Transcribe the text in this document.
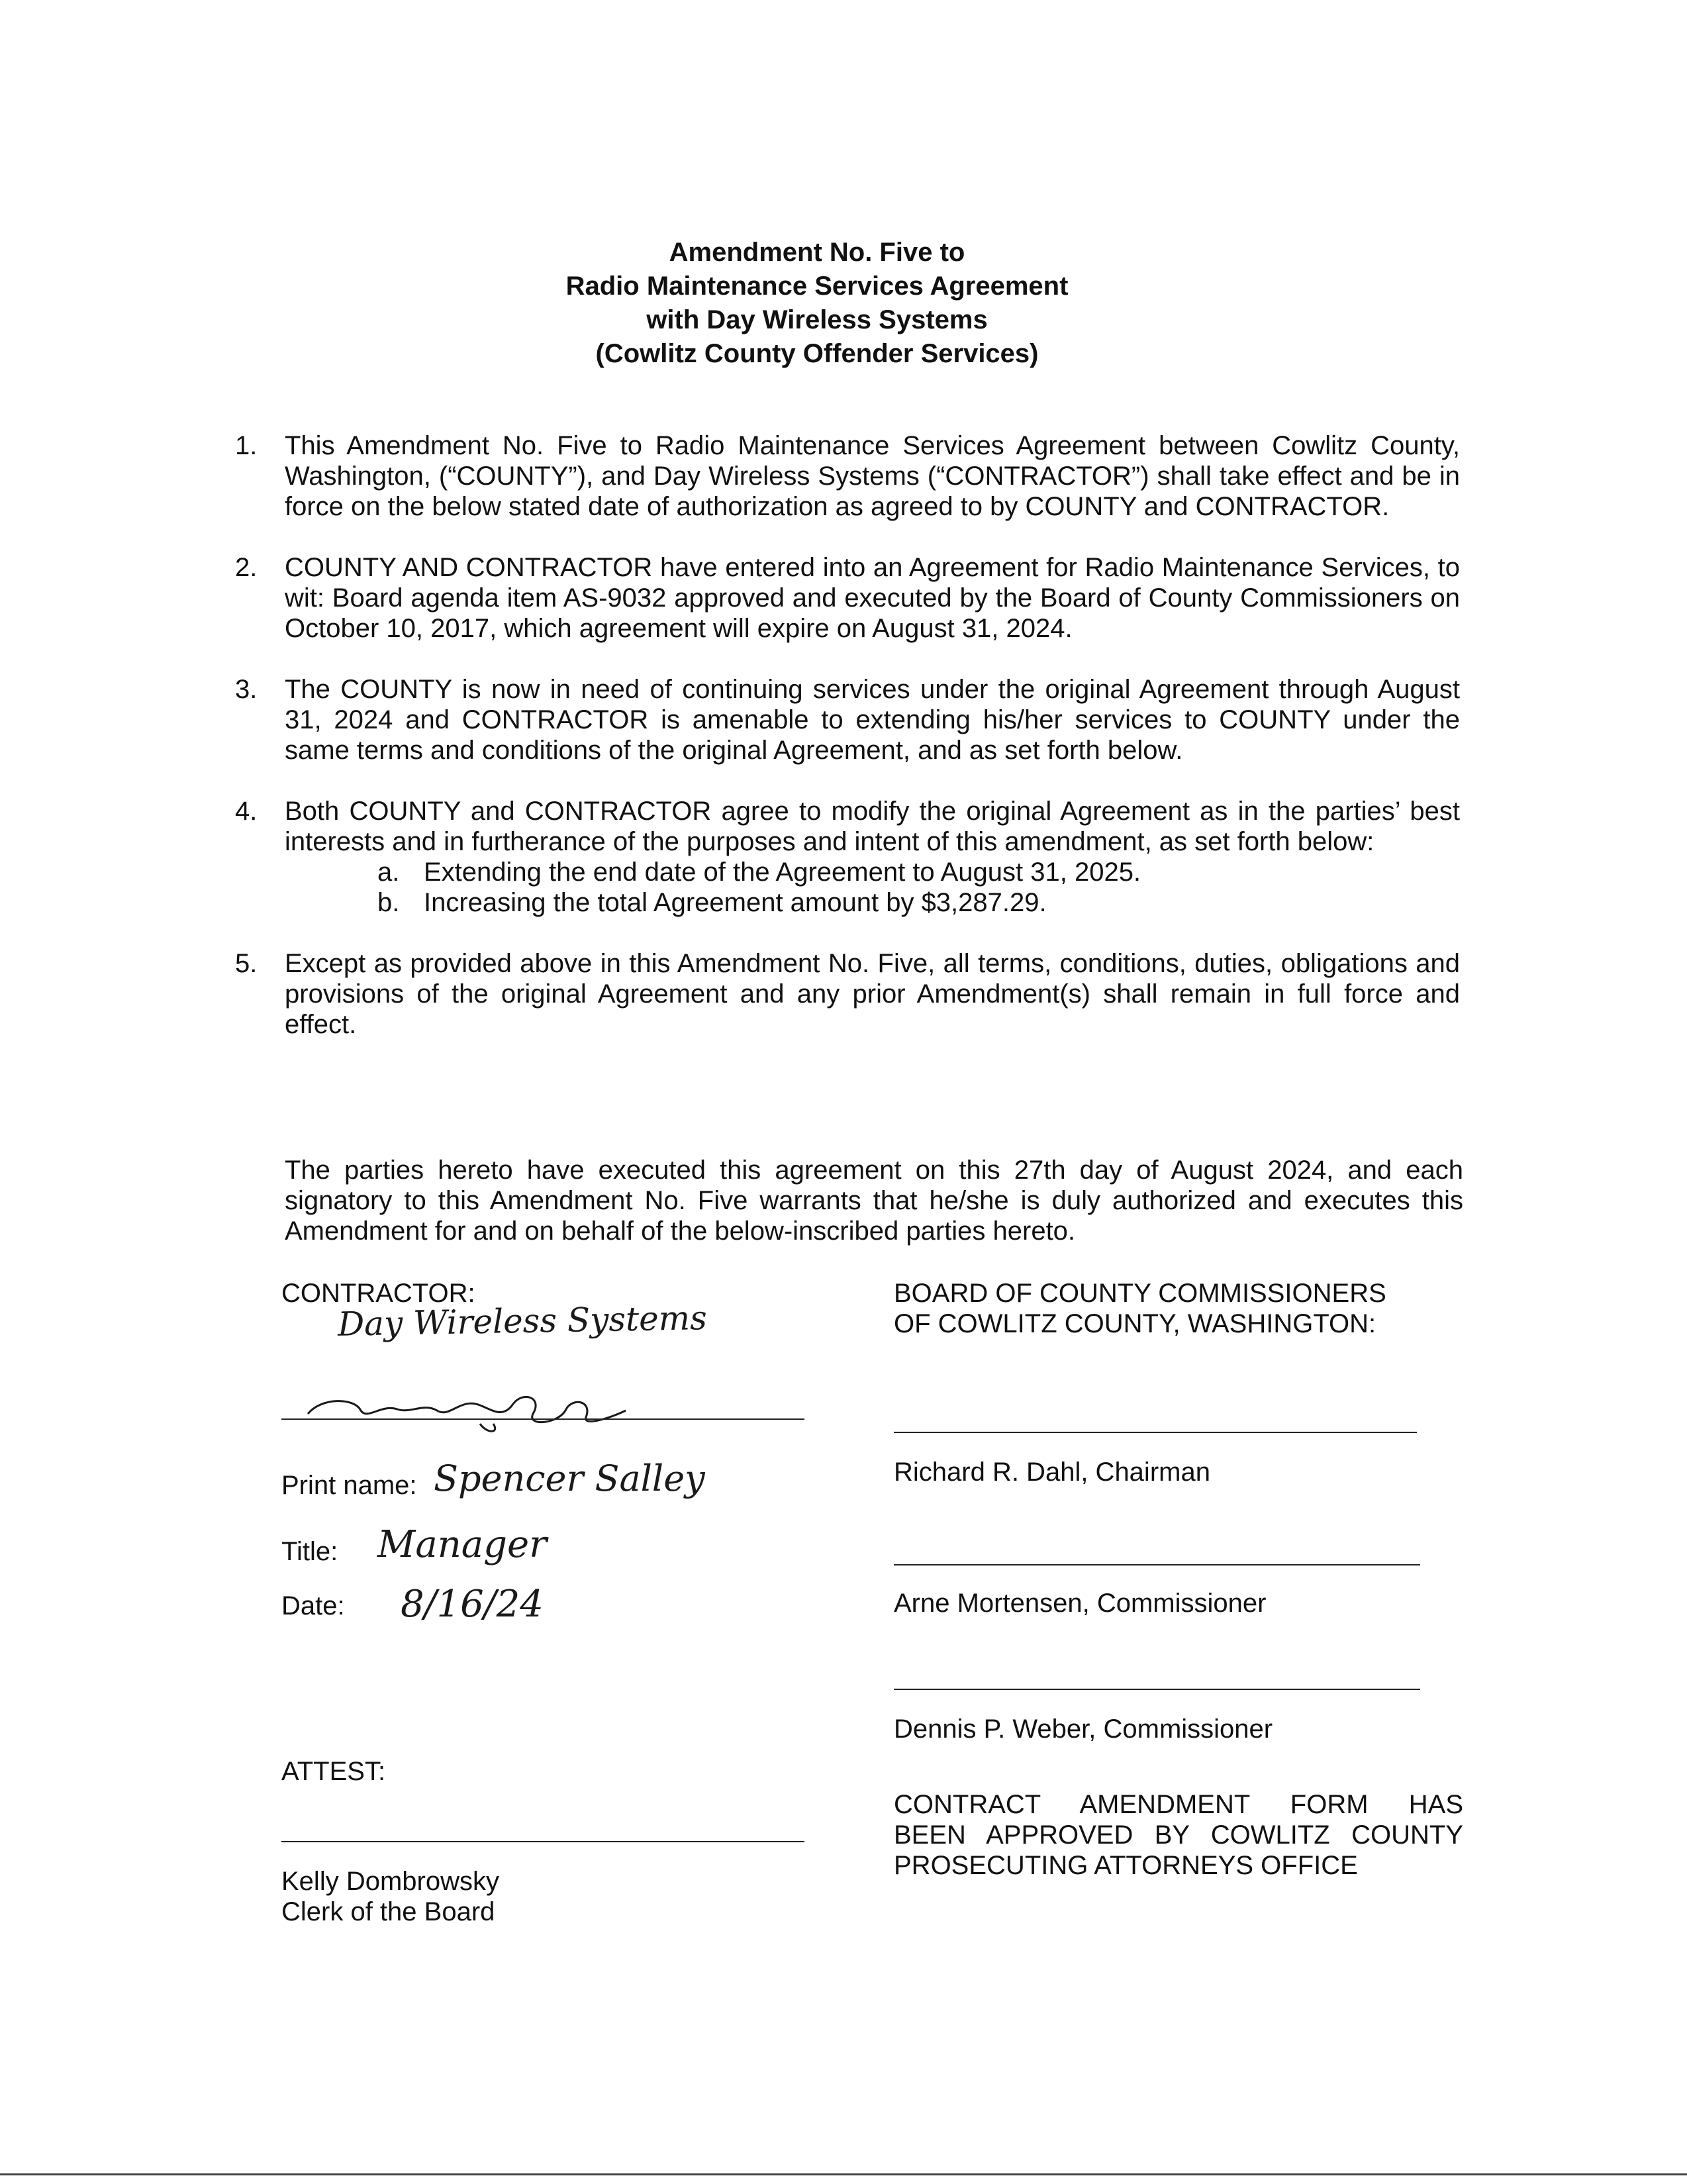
Amendment No. Five to
Radio Maintenance Services Agreement
with Day Wireless Systems
(Cowlitz County Offender Services)
1. This Amendment No. Five to Radio Maintenance Services Agreement between Cowlitz County, Washington, (“COUNTY”), and Day Wireless Systems (“CONTRACTOR”) shall take effect and be in force on the below stated date of authorization as agreed to by COUNTY and CONTRACTOR.
2. COUNTY AND CONTRACTOR have entered into an Agreement for Radio Maintenance Services, to wit: Board agenda item AS-9032 approved and executed by the Board of County Commissioners on October 10, 2017, which agreement will expire on August 31, 2024.
3. The COUNTY is now in need of continuing services under the original Agreement through August 31, 2024 and CONTRACTOR is amenable to extending his/her services to COUNTY under the same terms and conditions of the original Agreement, and as set forth below.
4. Both COUNTY and CONTRACTOR agree to modify the original Agreement as in the parties’ best interests and in furtherance of the purposes and intent of this amendment, as set forth below:
a. Extending the end date of the Agreement to August 31, 2025.
b. Increasing the total Agreement amount by $3,287.29.
5. Except as provided above in this Amendment No. Five, all terms, conditions, duties, obligations and provisions of the original Agreement and any prior Amendment(s) shall remain in full force and effect.
The parties hereto have executed this agreement on this 27th day of August 2024, and each signatory to this Amendment No. Five warrants that he/she is duly authorized and executes this Amendment for and on behalf of the below-inscribed parties hereto.
CONTRACTOR:
Day Wireless Systems
Print name: Spencer Salley
Title: Manager
Date: 8/16/24
ATTEST:
Kelly Dombrowsky
Clerk of the Board
BOARD OF COUNTY COMMISSIONERS
OF COWLITZ COUNTY, WASHINGTON:
Richard R. Dahl, Chairman
Arne Mortensen, Commissioner
Dennis P. Weber, Commissioner
CONTRACT AMENDMENT FORM HAS
BEEN APPROVED BY COWLITZ COUNTY
PROSECUTING ATTORNEYS OFFICE
